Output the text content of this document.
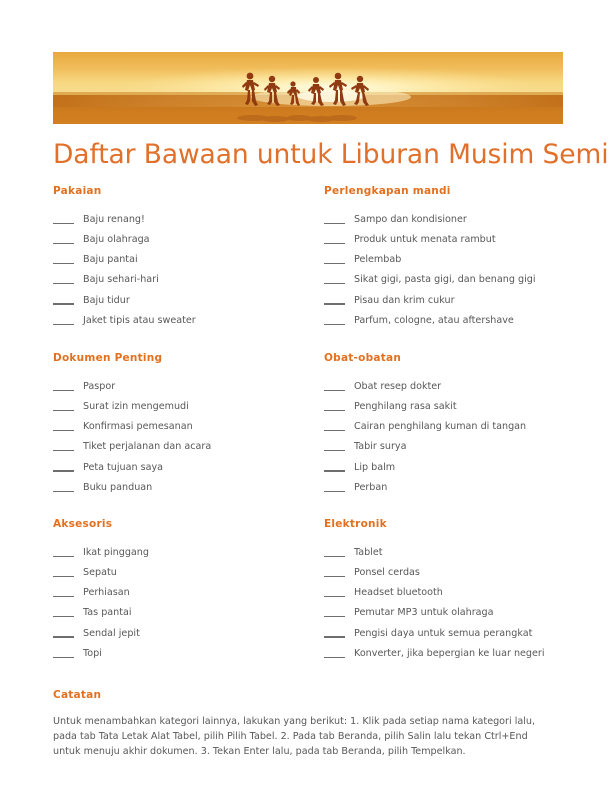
Daftar Bawaan untuk Liburan Musim Semi
Pakaian
Baju renang!
Baju olahraga
Baju pantai
Baju sehari-hari
Baju tidur
Jaket tipis atau sweater
Perlengkapan mandi
Sampo dan kondisioner
Produk untuk menata rambut
Pelembab
Sikat gigi, pasta gigi, dan benang gigi
Pisau dan krim cukur
Parfum, cologne, atau aftershave
Dokumen Penting
Paspor
Surat izin mengemudi
Konfirmasi pemesanan
Tiket perjalanan dan acara
Peta tujuan saya
Buku panduan
Obat-obatan
Obat resep dokter
Penghilang rasa sakit
Cairan penghilang kuman di tangan
Tabir surya
Lip balm
Perban
Aksesoris
Ikat pinggang
Sepatu
Perhiasan
Tas pantai
Sendal jepit
Topi
Elektronik
Tablet
Ponsel cerdas
Headset bluetooth
Pemutar MP3 untuk olahraga
Pengisi daya untuk semua perangkat
Konverter, jika bepergian ke luar negeri
Catatan
Untuk menambahkan kategori lainnya, lakukan yang berikut: 1. Klik pada setiap nama kategori lalu, pada tab Tata Letak Alat Tabel, pilih Pilih Tabel. 2. Pada tab Beranda, pilih Salin lalu tekan Ctrl+End untuk menuju akhir dokumen. 3. Tekan Enter lalu, pada tab Beranda, pilih Tempelkan.
